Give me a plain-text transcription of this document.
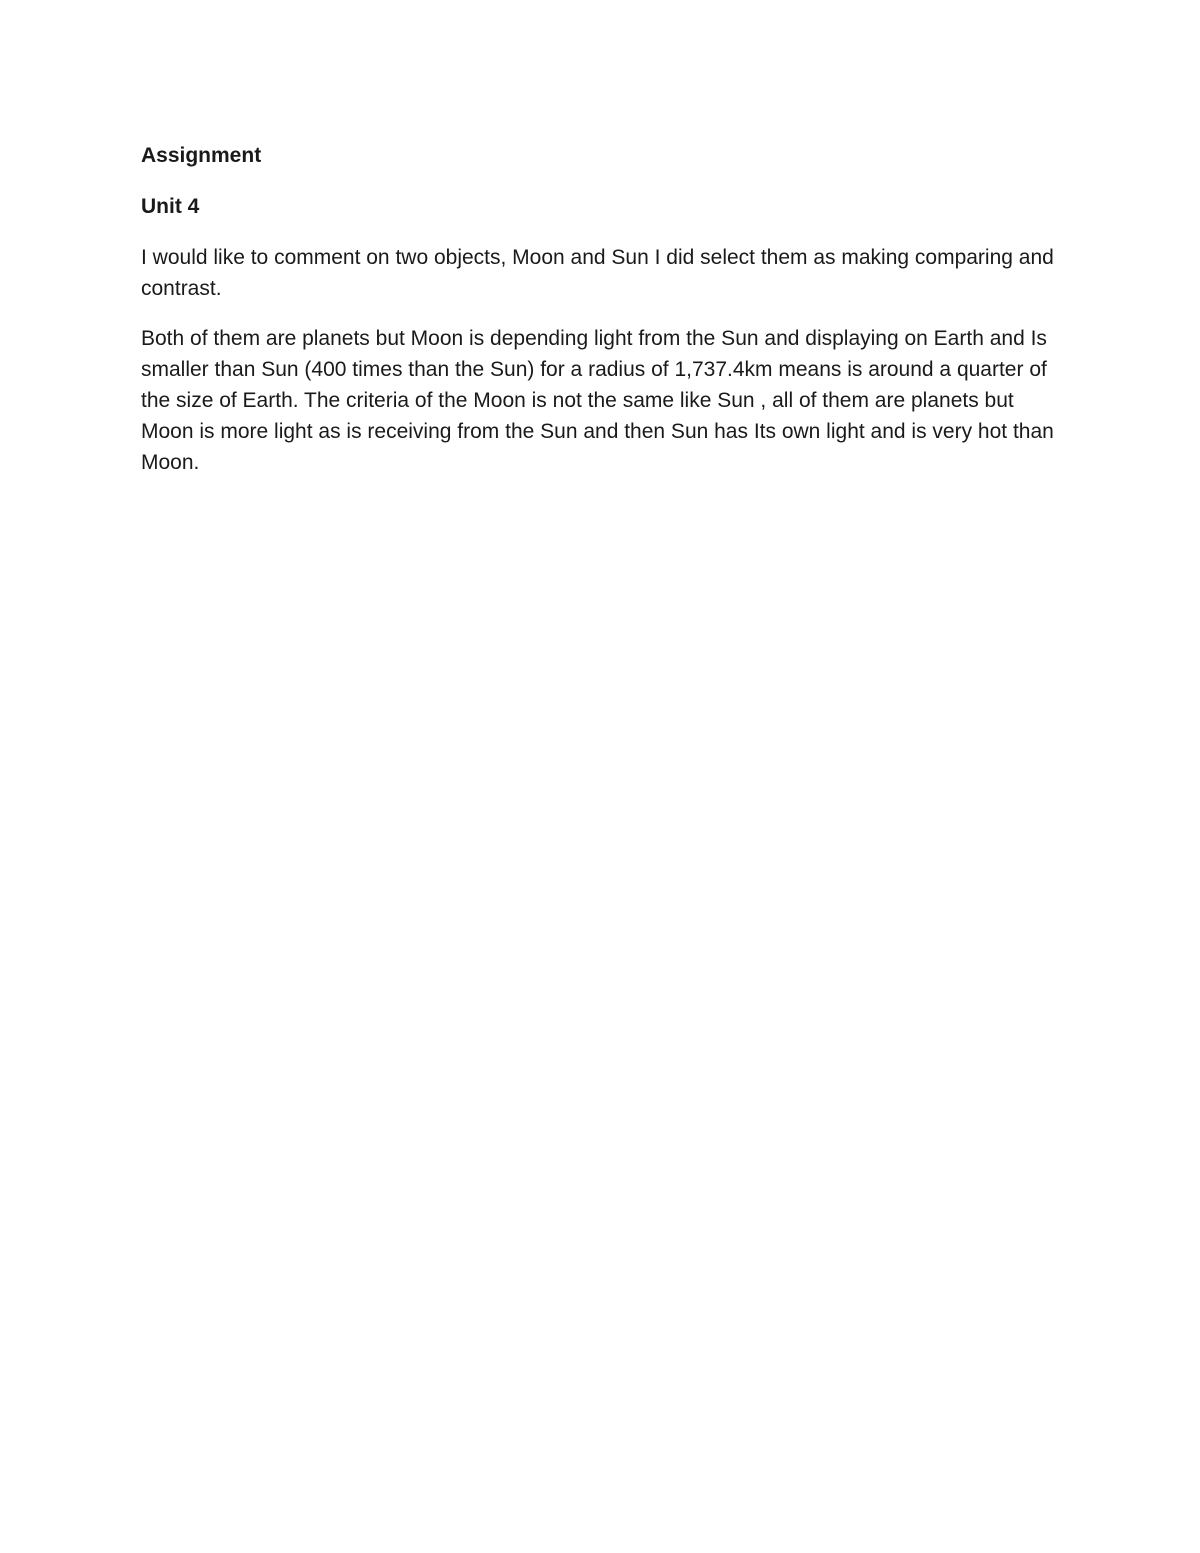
Assignment

Unit 4

I would like to comment on two objects, Moon and Sun I did select them as making comparing and contrast.

Both of them are planets but Moon is depending light from the Sun and displaying on Earth and Is smaller than Sun (400 times than the Sun) for a radius of 1,737.4km means is around a quarter of the size of Earth. The criteria of the Moon is not the same like Sun , all of them are planets but Moon is more light as is receiving from the Sun and then Sun has Its own light and is very hot than Moon.
